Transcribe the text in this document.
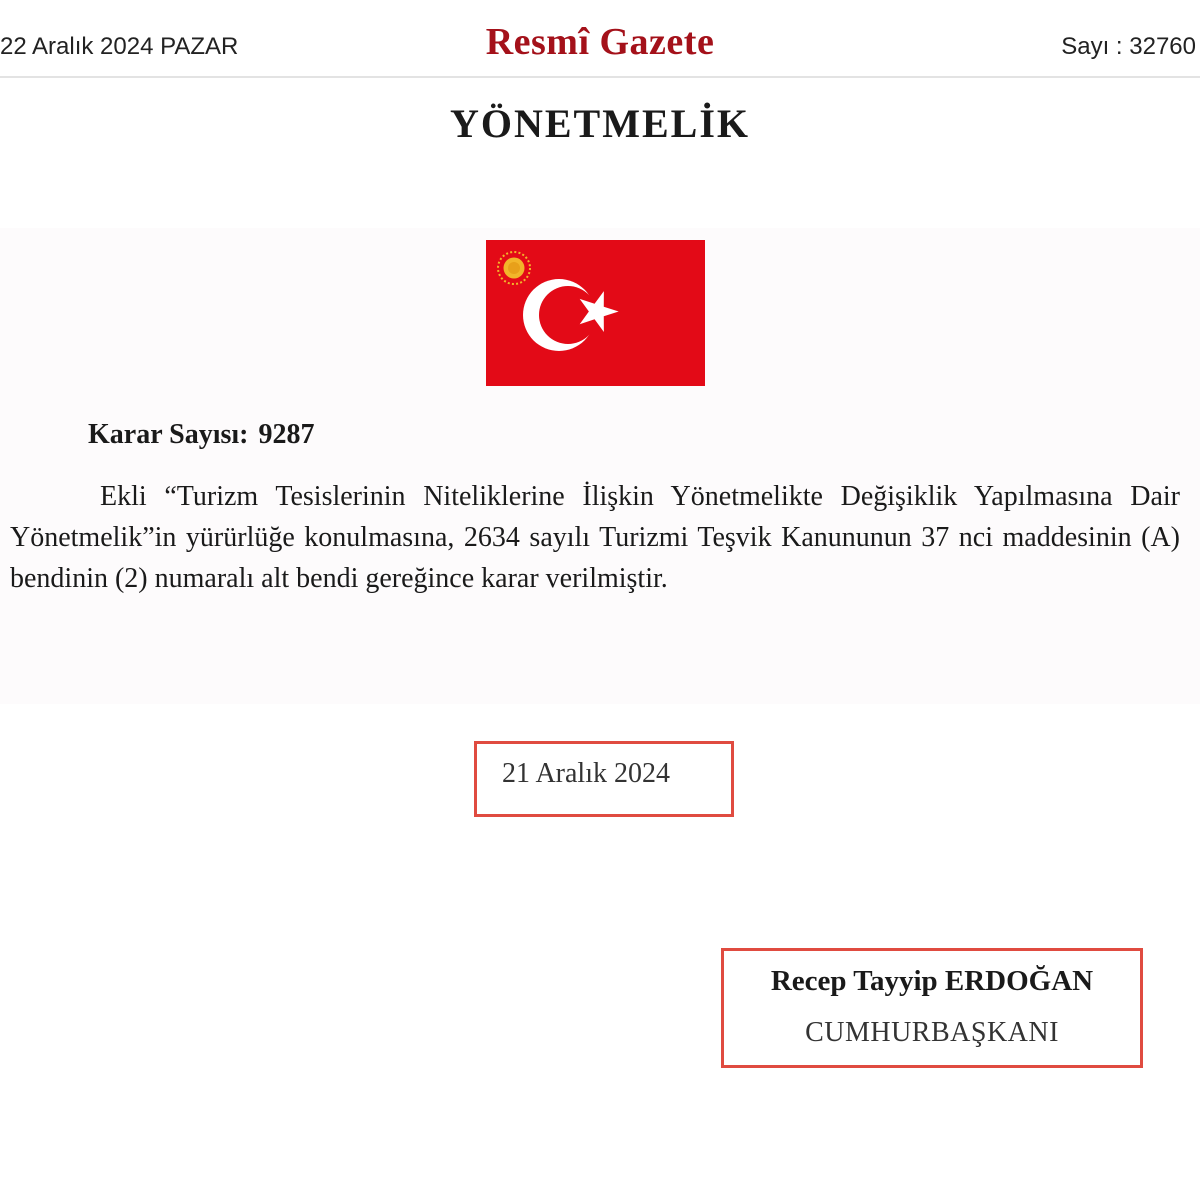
22 Aralık 2024 PAZAR	Resmî Gazete	Sayı : 32760
YÖNETMELİK
Karar Sayısı: 9287

Ekli “Turizm Tesislerinin Niteliklerine İlişkin Yönetmelikte Değişiklik Yapılmasına Dair Yönetmelik”in yürürlüğe konulmasına, 2634 sayılı Turizmi Teşvik Kanununun 37 nci maddesinin (A) bendinin (2) numaralı alt bendi gereğince karar verilmiştir.

21 Aralık 2024
Recep Tayyip ERDOĞAN
CUMHURBAŞKANI
